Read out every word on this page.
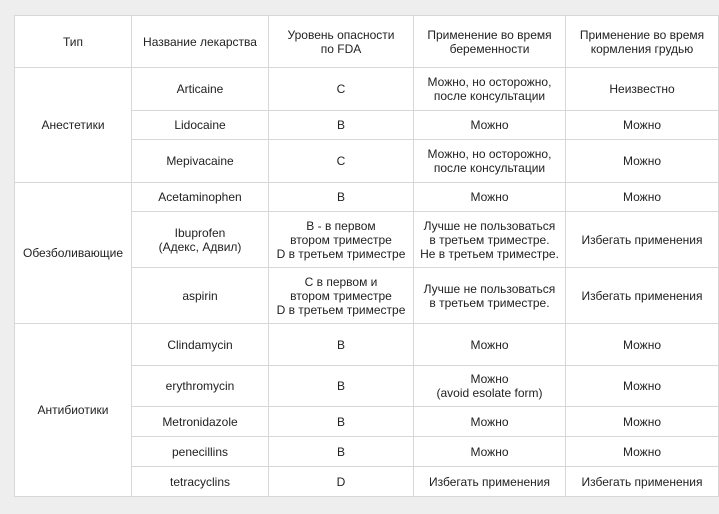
Тип	Название лекарства	Уровень опасности
по FDA	Применение во время
беременности	Применение во время
кормления грудью
Анестетики	Articaine	C	Можно, но осторожно,
после консультации	Неизвестно
	Lidocaine	B	Можно	Можно
	Mepivacaine	C	Можно, но осторожно,
после консультации	Можно
Обезболивающие	Acetaminophen	B	Можно	Можно
	Ibuprofen
(Адекс, Адвил)	B - в первом
втором триместре
D в третьем триместре	Лучше не пользоваться
в третьем триместре.
Не в третьем триместре.	Избегать применения
	aspirin	C в первом и
втором триместре
D в третьем триместре	Лучше не пользоваться
в третьем триместре.	Избегать применения
Антибиотики	Clindamycin	B	Можно	Можно
	erythromycin	B	Можно
(avoid esolate form)	Можно
	Metronidazole	B	Можно	Можно
	penecillins	B	Можно	Можно
	tetracyclins	D	Избегать применения	Избегать применения
